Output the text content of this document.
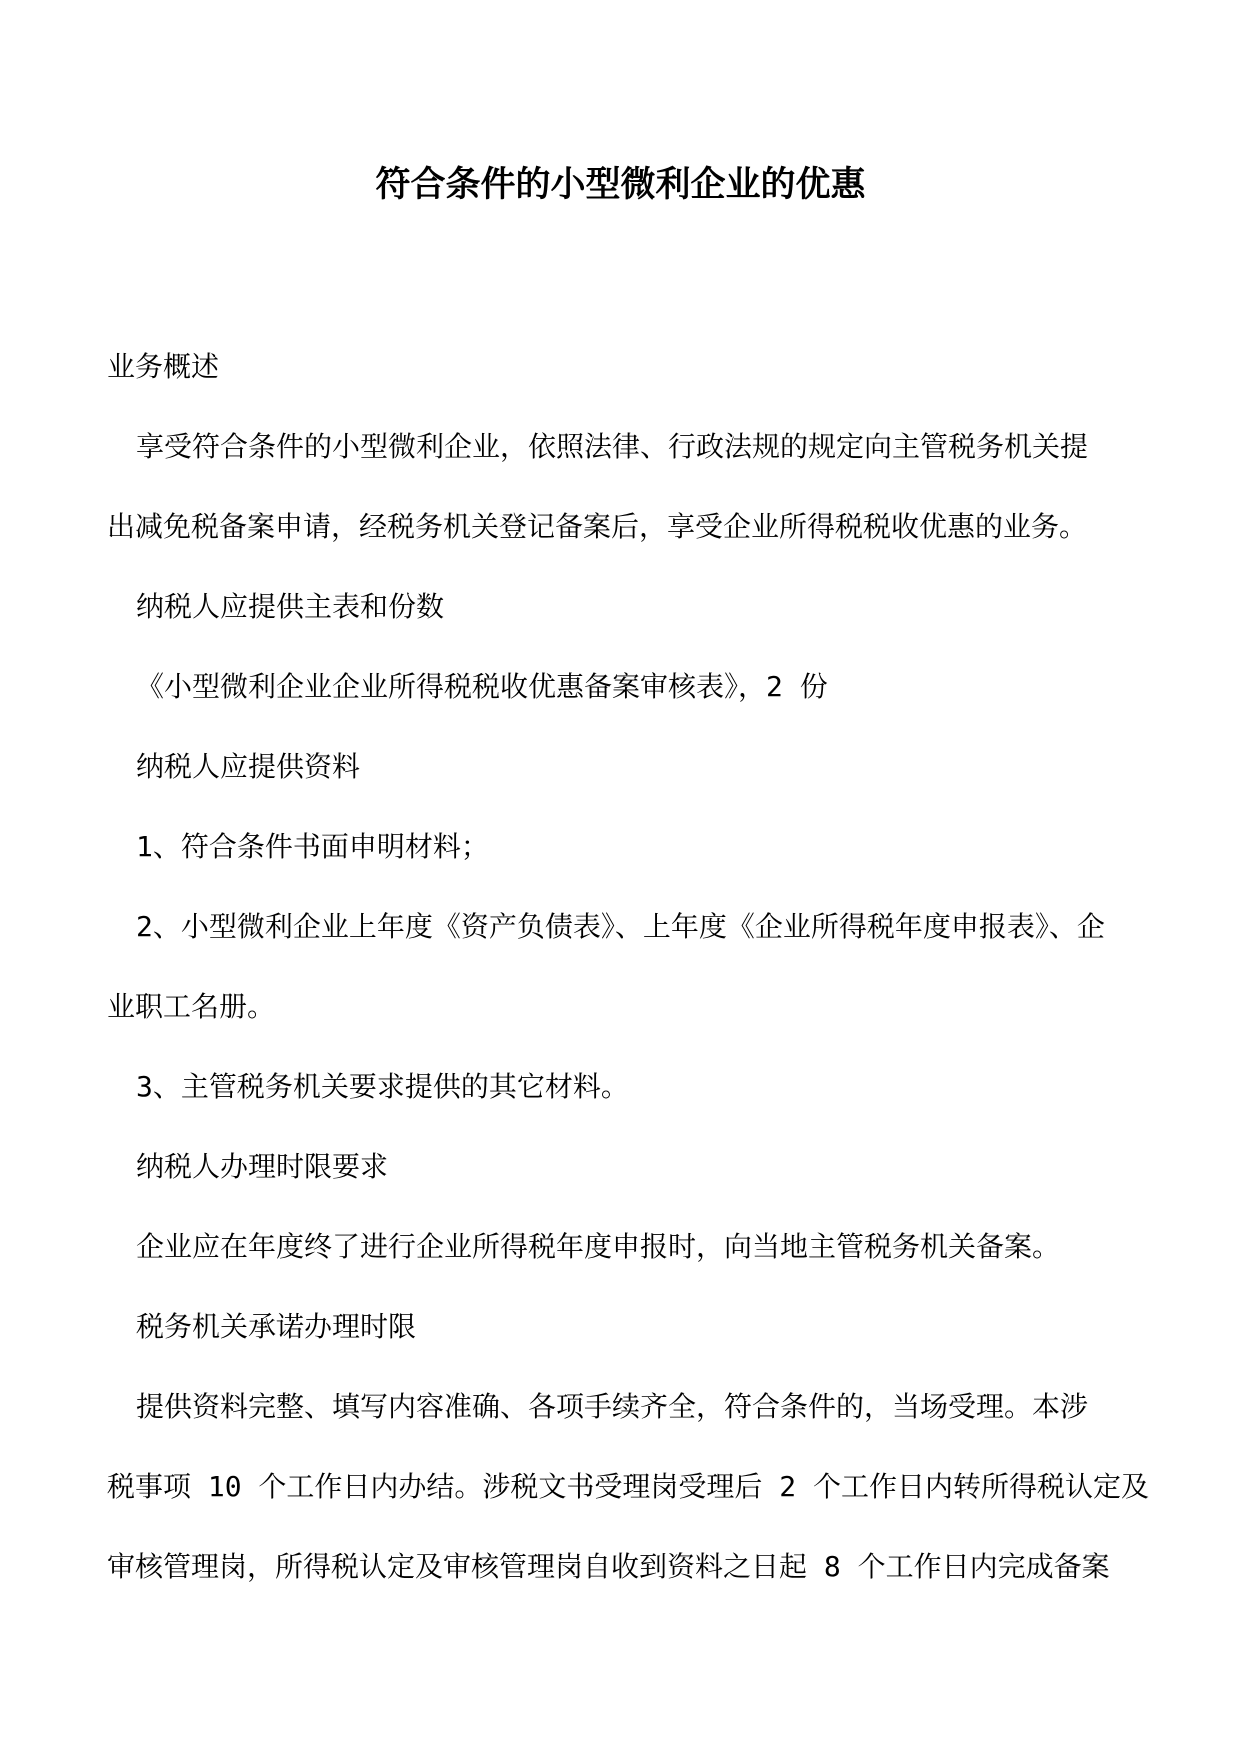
符合条件的小型微利企业的优惠
业务概述
享受符合条件的小型微利企业，依照法律、行政法规的规定向主管税务机关提
出减免税备案申请，经税务机关登记备案后，享受企业所得税税收优惠的业务。
纳税人应提供主表和份数
《小型微利企业企业所得税税收优惠备案审核表》，2 份
纳税人应提供资料
1、符合条件书面申明材料；
2、小型微利企业上年度《资产负债表》、上年度《企业所得税年度申报表》、企
业职工名册。
3、主管税务机关要求提供的其它材料。
纳税人办理时限要求
企业应在年度终了进行企业所得税年度申报时，向当地主管税务机关备案。
税务机关承诺办理时限
提供资料完整、填写内容准确、各项手续齐全，符合条件的，当场受理。本涉
税事项 10 个工作日内办结。涉税文书受理岗受理后 2 个工作日内转所得税认定及
审核管理岗，所得税认定及审核管理岗自收到资料之日起 8 个工作日内完成备案
